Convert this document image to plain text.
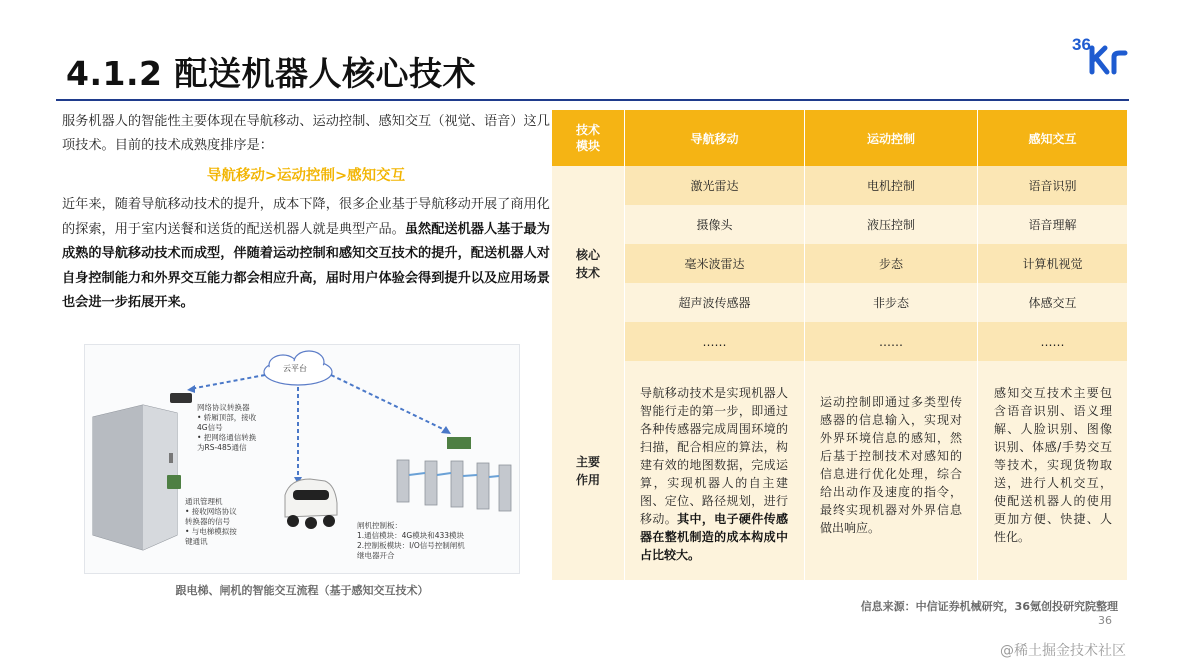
4.1.2 配送机器人核心技术
36
服务机器人的智能性主要体现在导航移动、运动控制、感知交互（视觉、语音）这几项技术。目前的技术成熟度排序是：
导航移动>运动控制>感知交互
近年来，随着导航移动技术的提升，成本下降，很多企业基于导航移动开展了商用化的探索，用于室内送餐和送货的配送机器人就是典型产品。虽然配送机器人基于最为成熟的导航移动技术而成型，伴随着运动控制和感知交互技术的提升，配送机器人对自身控制能力和外界交互能力都会相应升高，届时用户体验会得到提升以及应用场景也会进一步拓展开来。
云平台
网络协议转换器
• 轿厢顶部，接收
4G信号
• 把网络通信转换
为RS-485通信
通讯管理机
• 接收网络协议
转换器的信号
• 与电梯模拟按
键通讯
闸机控制板：
1.通信模块：4G模块和433模块
2.控制板模块：I/O信号控制闸机
继电器开合
跟电梯、闸机的智能交互流程（基于感知交互技术）
技术
模块
导航移动	运动控制	感知交互
核心
技术
主要
作用
激光雷达	电机控制	语音识别
摄像头	液压控制	语音理解
毫米波雷达	步态	计算机视觉
超声波传感器	非步态	体感交互
……	……	……
导航移动技术是实现机器人智能行走的第一步，即通过各种传感器完成周围环境的扫描，配合相应的算法，构建有效的地图数据，完成运算，实现机器人的自主建图、定位、路径规划，进行移动。其中，电子硬件传感器在整机制造的成本构成中占比较大。
运动控制即通过多类型传感器的信息输入，实现对外界环境信息的感知，然后基于控制技术对感知的信息进行优化处理，综合给出动作及速度的指令，最终实现机器对外界信息做出响应。
感知交互技术主要包含语音识别、语义理解、人脸识别、图像识别、体感/手势交互等技术，实现货物取送，进行人机交互，使配送机器人的使用更加方便、快捷、人性化。
信息来源：中信证券机械研究，36氪创投研究院整理
36
@稀土掘金技术社区
